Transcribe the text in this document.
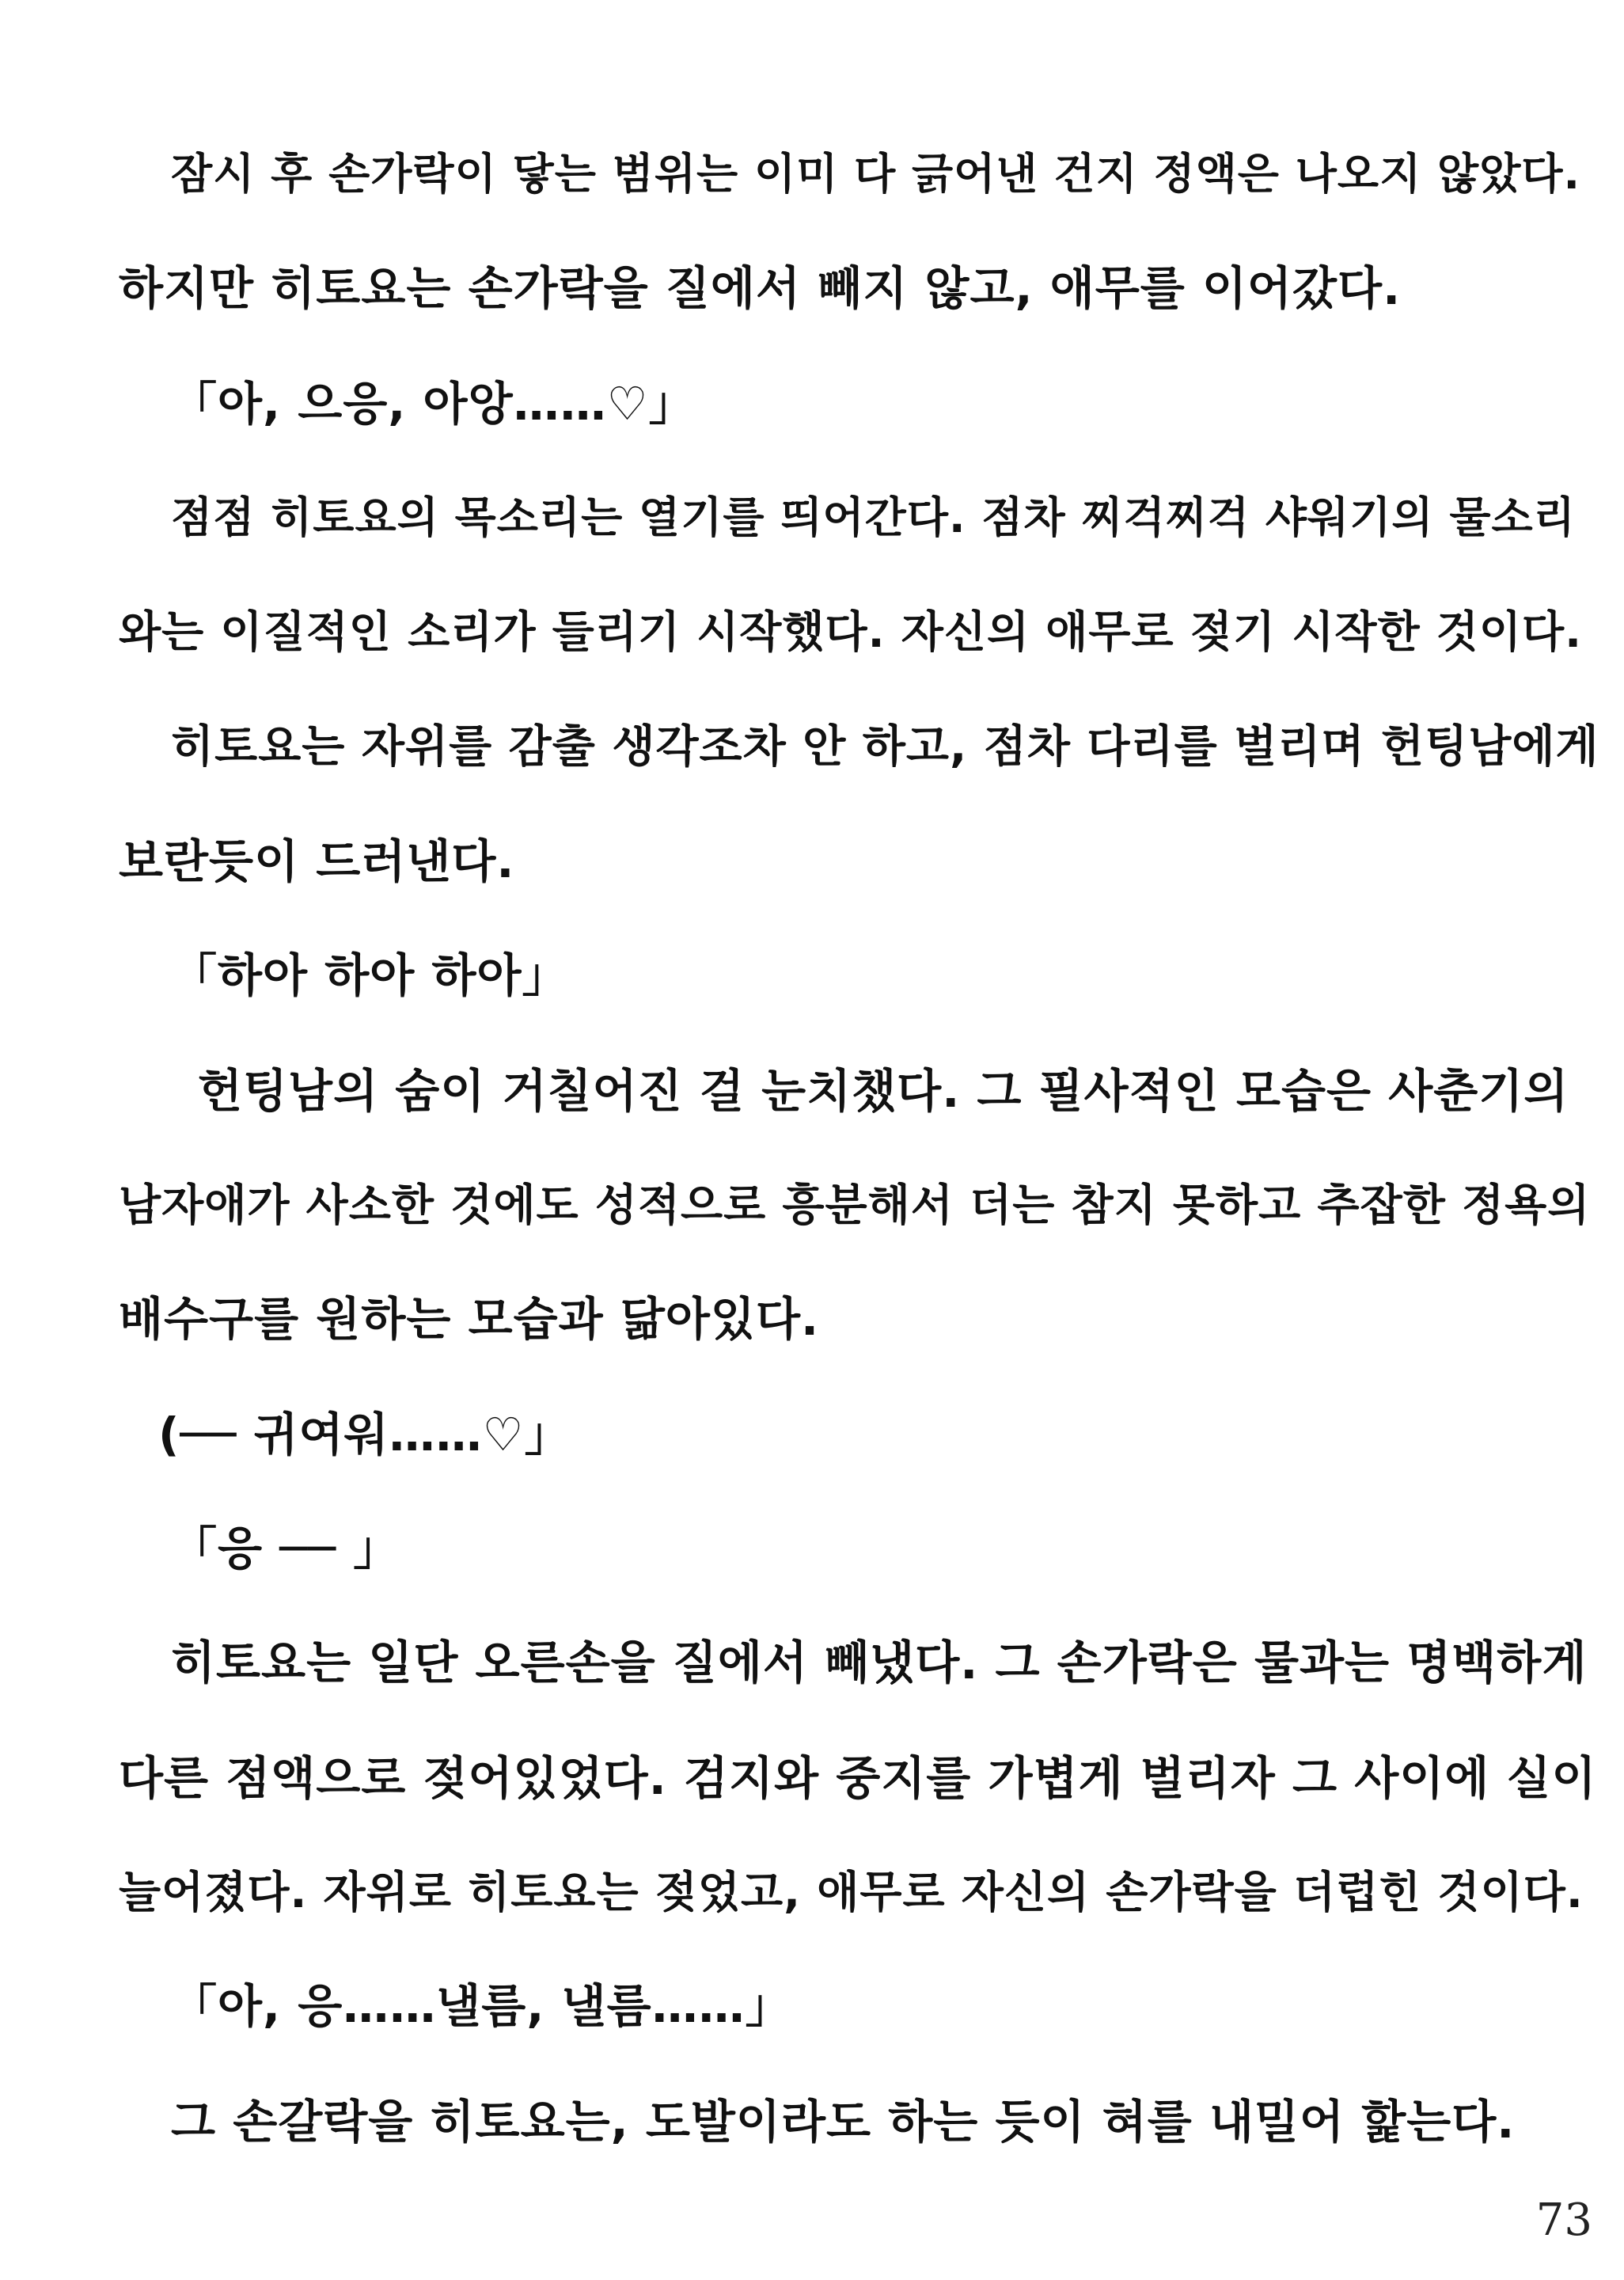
잠시 후 손가락이 닿는 범위는 이미 다 긁어낸 건지 정액은 나오지 않았다.
하지만 히토요는 손가락을 질에서 빼지 않고, 애무를 이어갔다.
「아, 으응, 아앙……♡」
점점 히토요의 목소리는 열기를 띄어간다. 점차 찌걱찌걱 샤워기의 물소리
와는 이질적인 소리가 들리기 시작했다. 자신의 애무로 젖기 시작한 것이다.
히토요는 자위를 감출 생각조차 안 하고, 점차 다리를 벌리며 헌팅남에게
보란듯이 드러낸다.
「하아 하아 하아」
헌팅남의 숨이 거칠어진 걸 눈치챘다. 그 필사적인 모습은 사춘기의
남자애가 사소한 것에도 성적으로 흥분해서 더는 참지 못하고 추잡한 정욕의
배수구를 원하는 모습과 닮아있다.
(── 귀여워……♡」
「응 ── 」
히토요는 일단 오른손을 질에서 빼냈다. 그 손가락은 물과는 명백하게
다른 점액으로 젖어있었다. 검지와 중지를 가볍게 벌리자 그 사이에 실이
늘어졌다. 자위로 히토요는 젖었고, 애무로 자신의 손가락을 더럽힌 것이다.
「아, 응……낼름, 낼름……」
그 손갈락을 히토요는, 도발이라도 하는 듯이 혀를 내밀어 핥는다.
73
